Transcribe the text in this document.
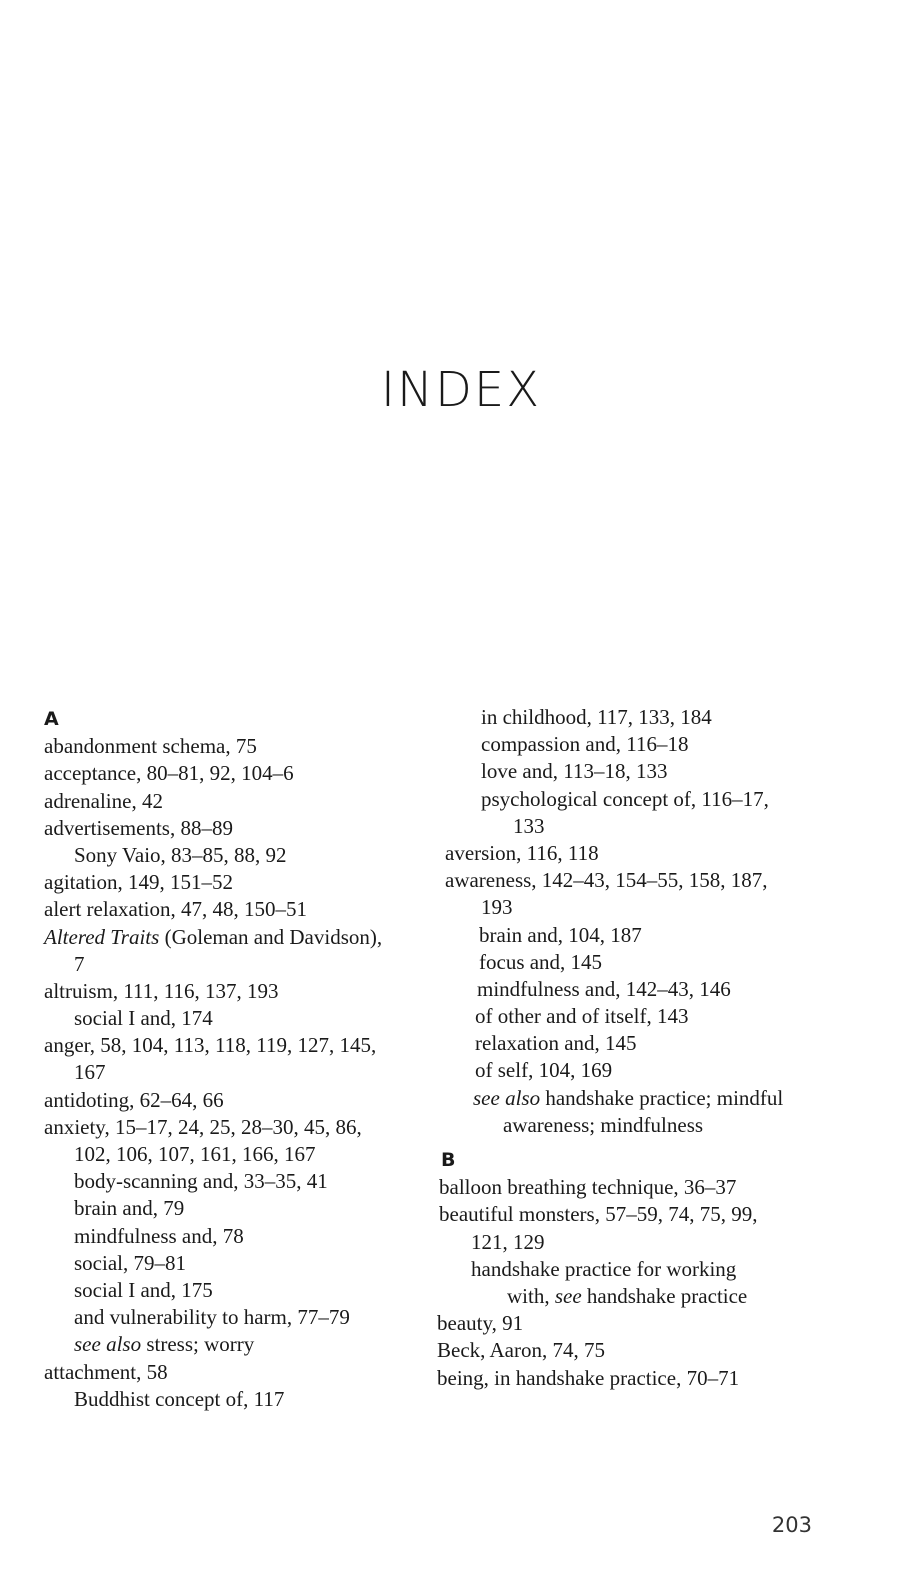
INDEX
A
abandonment schema, 75
acceptance, 80–81, 92, 104–6
adrenaline, 42
advertisements, 88–89
Sony Vaio, 83–85, 88, 92
agitation, 149, 151–52
alert relaxation, 47, 48, 150–51
Altered Traits (Goleman and Davidson),
7
altruism, 111, 116, 137, 193
social I and, 174
anger, 58, 104, 113, 118, 119, 127, 145,
167
antidoting, 62–64, 66
anxiety, 15–17, 24, 25, 28–30, 45, 86,
102, 106, 107, 161, 166, 167
body-scanning and, 33–35, 41
brain and, 79
mindfulness and, 78
social, 79–81
social I and, 175
and vulnerability to harm, 77–79
see also stress; worry
attachment, 58
Buddhist concept of, 117
in childhood, 117, 133, 184
compassion and, 116–18
love and, 113–18, 133
psychological concept of, 116–17,
133
aversion, 116, 118
awareness, 142–43, 154–55, 158, 187,
193
brain and, 104, 187
focus and, 145
mindfulness and, 142–43, 146
of other and of itself, 143
relaxation and, 145
of self, 104, 169
see also handshake practice; mindful
awareness; mindfulness
B
balloon breathing technique, 36–37
beautiful monsters, 57–59, 74, 75, 99,
121, 129
handshake practice for working
with, see handshake practice
beauty, 91
Beck, Aaron, 74, 75
being, in handshake practice, 70–71
203
